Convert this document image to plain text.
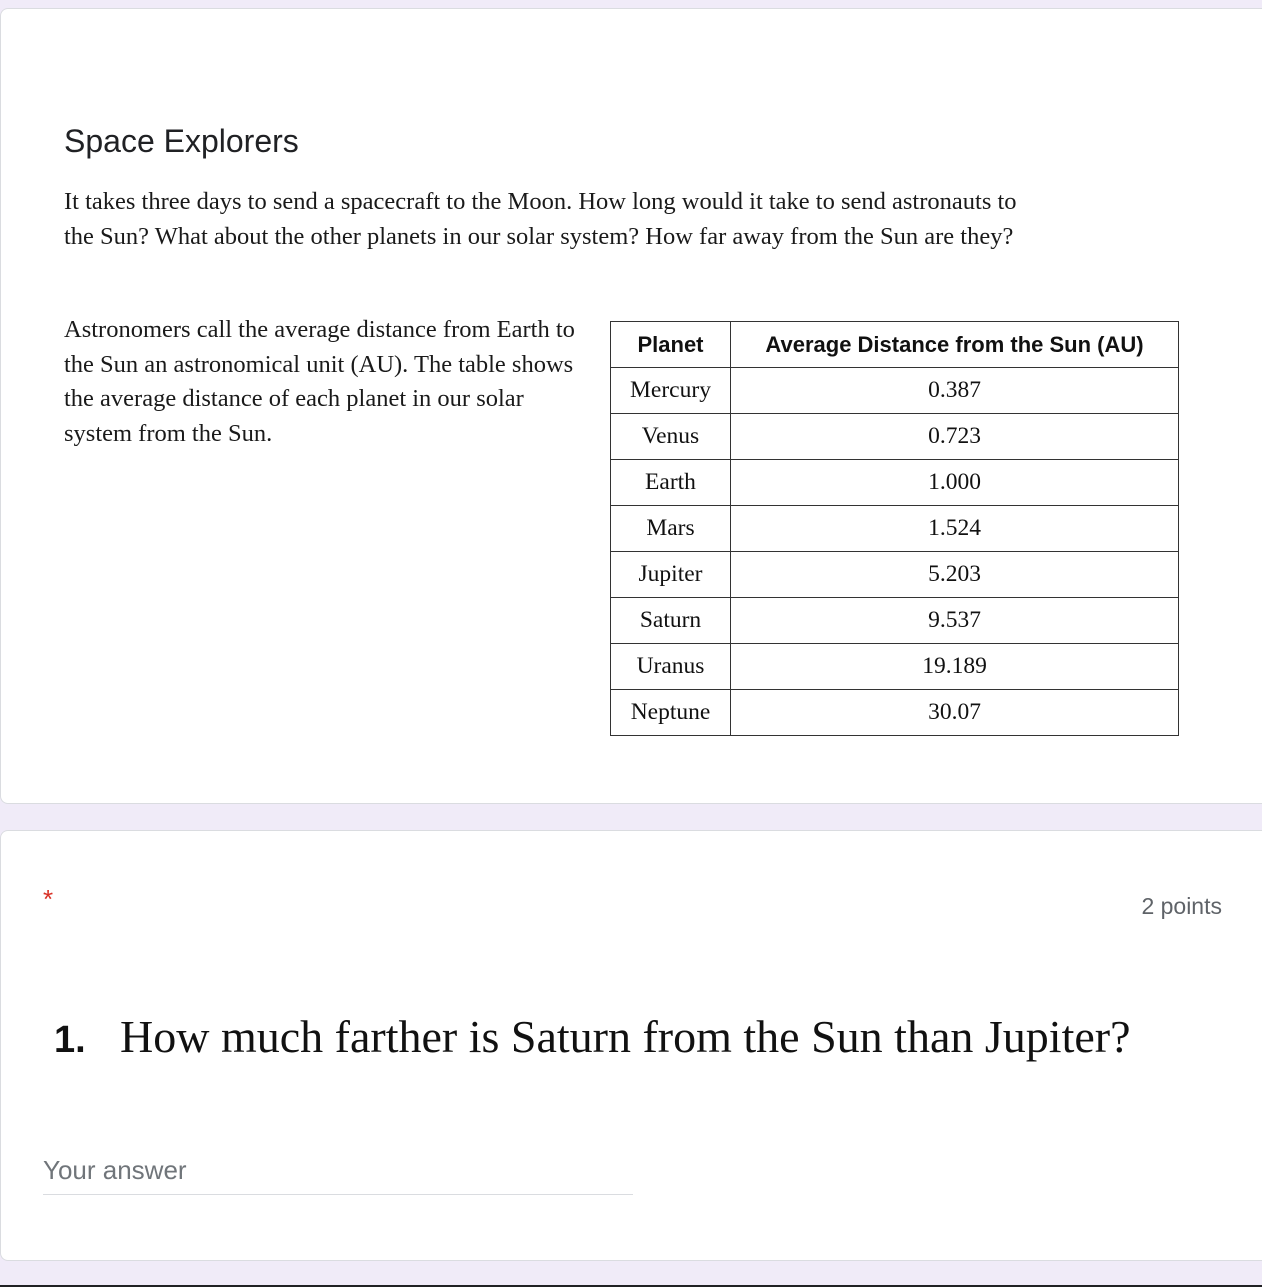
Space Explorers

It takes three days to send a spacecraft to the Moon. How long would it take to send astronauts to the Sun? What about the other planets in our solar system? How far away from the Sun are they?

Astronomers call the average distance from Earth to the Sun an astronomical unit (AU). The table shows the average distance of each planet in our solar system from the Sun.

Planet	Average Distance from the Sun (AU)
Mercury	0.387
Venus	0.723
Earth	1.000
Mars	1.524
Jupiter	5.203
Saturn	9.537
Uranus	19.189
Neptune	30.07
*	2 points
1. How much farther is Saturn from the Sun than Jupiter?
Your answer
